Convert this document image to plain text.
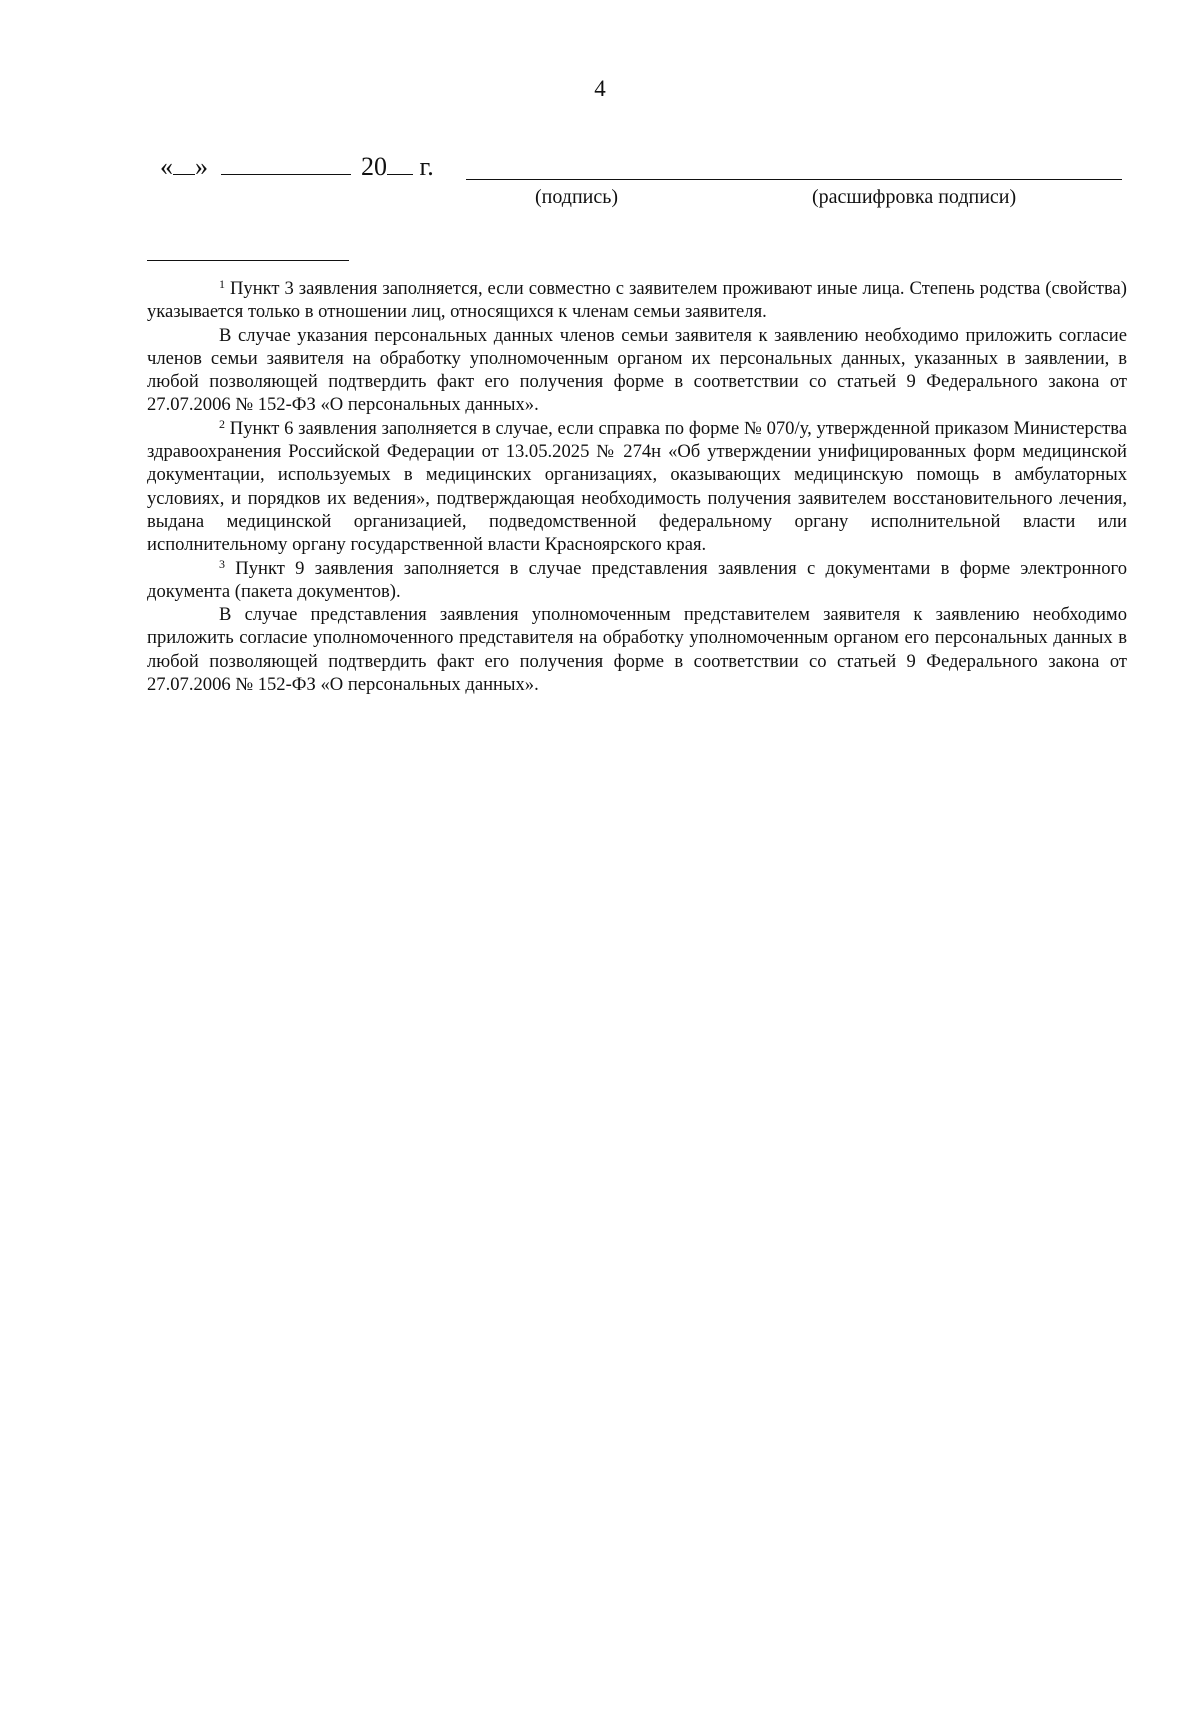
4
« »	20 г.
(подпись)	(расшифровка подписи)

$^1$ Пункт 3 заявления заполняется, если совместно с заявителем проживают иные лица. Степень родства (свойства) указывается только в отношении лиц, относящихся к членам семьи заявителя.

В случае указания персональных данных членов семьи заявителя к заявлению необходимо приложить согласие членов семьи заявителя на обработку уполномоченным органом их персональных данных, указанных в заявлении, в любой позволяющей подтвердить факт его получения форме в соответствии со статьей 9 Федерального закона от 27.07.2006 № 152-ФЗ «О персональных данных».

$^2$ Пункт 6 заявления заполняется в случае, если справка по форме № 070/у, утвержденной приказом Министерства здравоохранения Российской Федерации от 13.05.2025 № 274н «Об утверждении унифицированных форм медицинской документации, используемых в медицинских организациях, оказывающих медицинскую помощь в амбулаторных условиях, и порядков их ведения», подтверждающая необходимость получения заявителем восстановительного лечения, выдана медицинской организацией, подведомственной федеральному органу исполнительной власти или исполнительному органу государственной власти Красноярского края.

$^3$ Пункт 9 заявления заполняется в случае представления заявления с документами в форме электронного документа (пакета документов).

В случае представления заявления уполномоченным представителем заявителя к заявлению необходимо приложить согласие уполномоченного представителя на обработку уполномоченным органом его персональных данных в любой позволяющей подтвердить факт его получения форме в соответствии со статьей 9 Федерального закона от 27.07.2006 № 152-ФЗ «О персональных данных».
